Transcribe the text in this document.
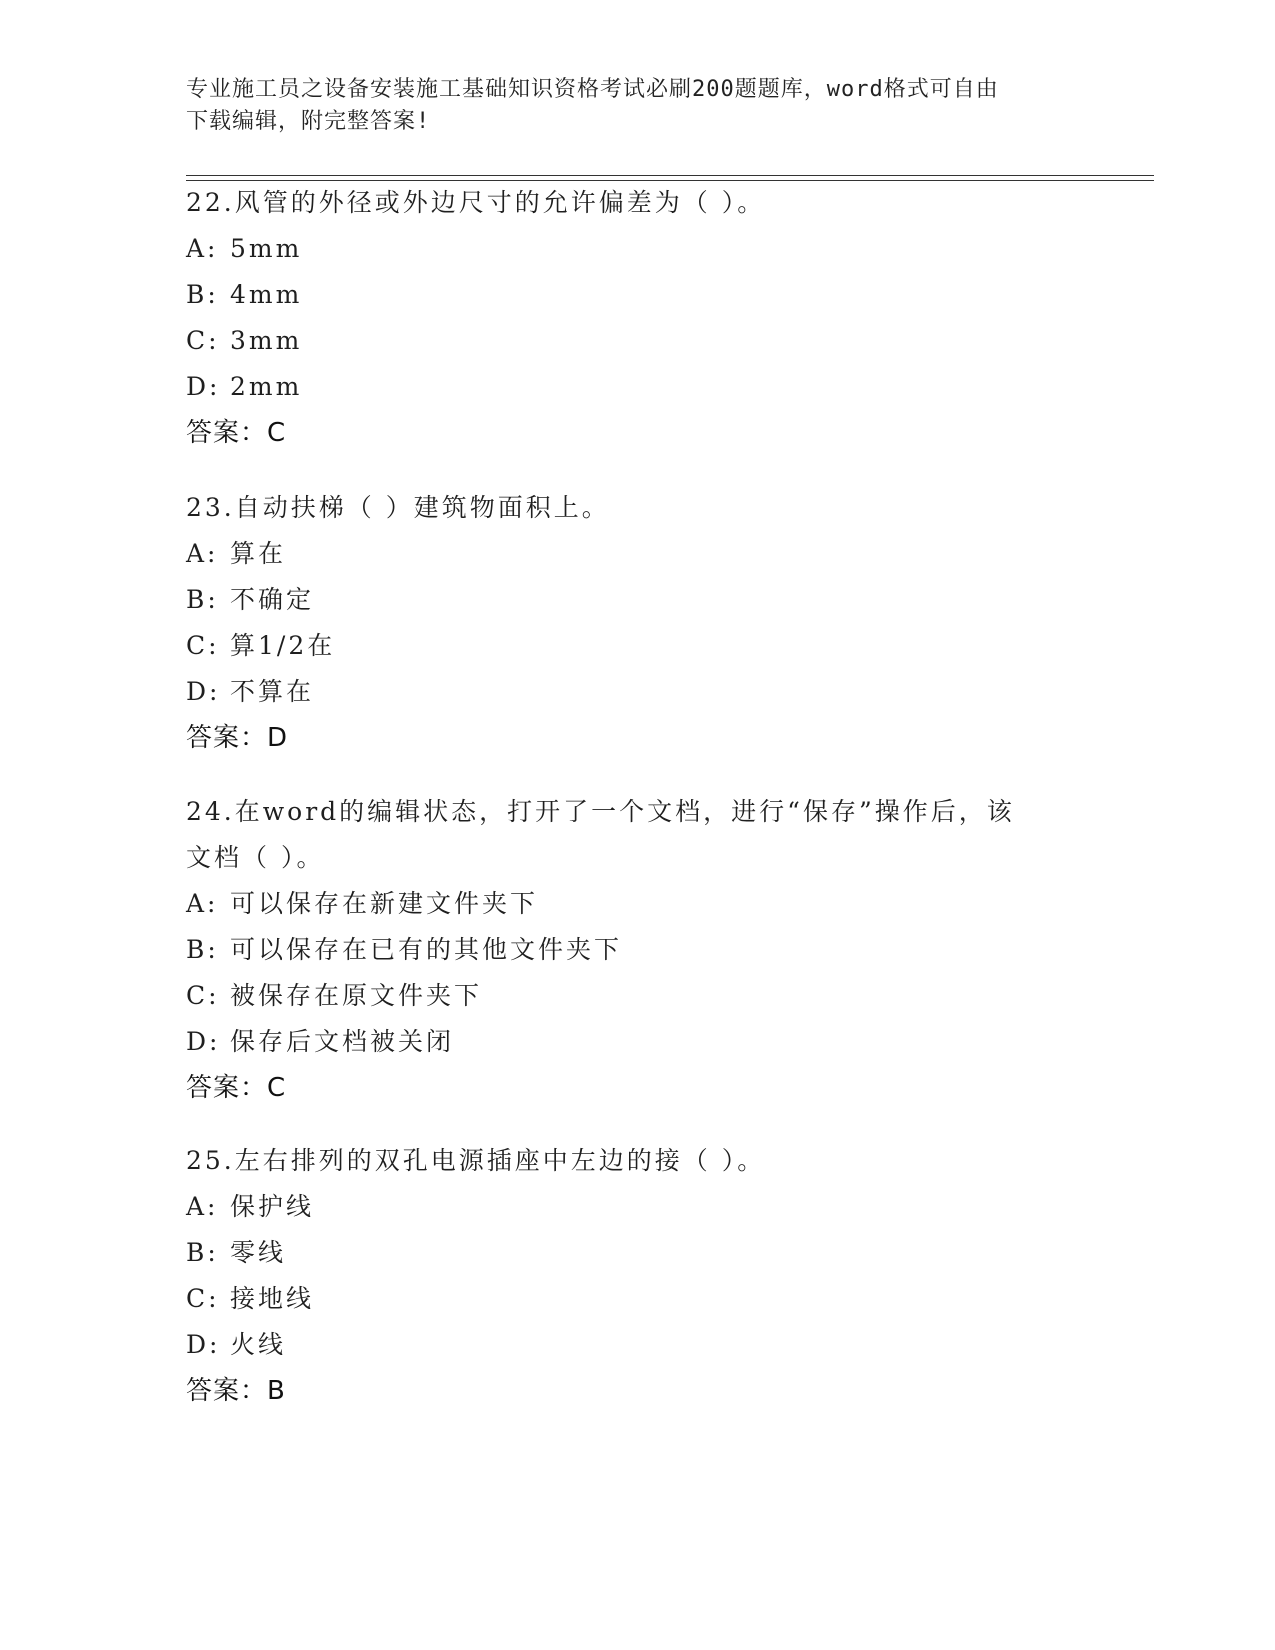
专业施工员之设备安装施工基础知识资格考试必刷200题题库，word格式可自由
下载编辑，附完整答案!
22.风管的外径或外边尺寸的允许偏差为（ ）。
A: 5mm
B: 4mm
C: 3mm
D: 2mm
答案：C
23.自动扶梯（ ）建筑物面积上。
A: 算在
B: 不确定
C: 算1/2在
D: 不算在
答案：D
24.在word的编辑状态，打开了一个文档，进行“保存”操作后，该
文档（ ）。
A: 可以保存在新建文件夹下
B: 可以保存在已有的其他文件夹下
C: 被保存在原文件夹下
D: 保存后文档被关闭
答案：C
25.左右排列的双孔电源插座中左边的接（ ）。
A: 保护线
B: 零线
C: 接地线
D: 火线
答案：B
